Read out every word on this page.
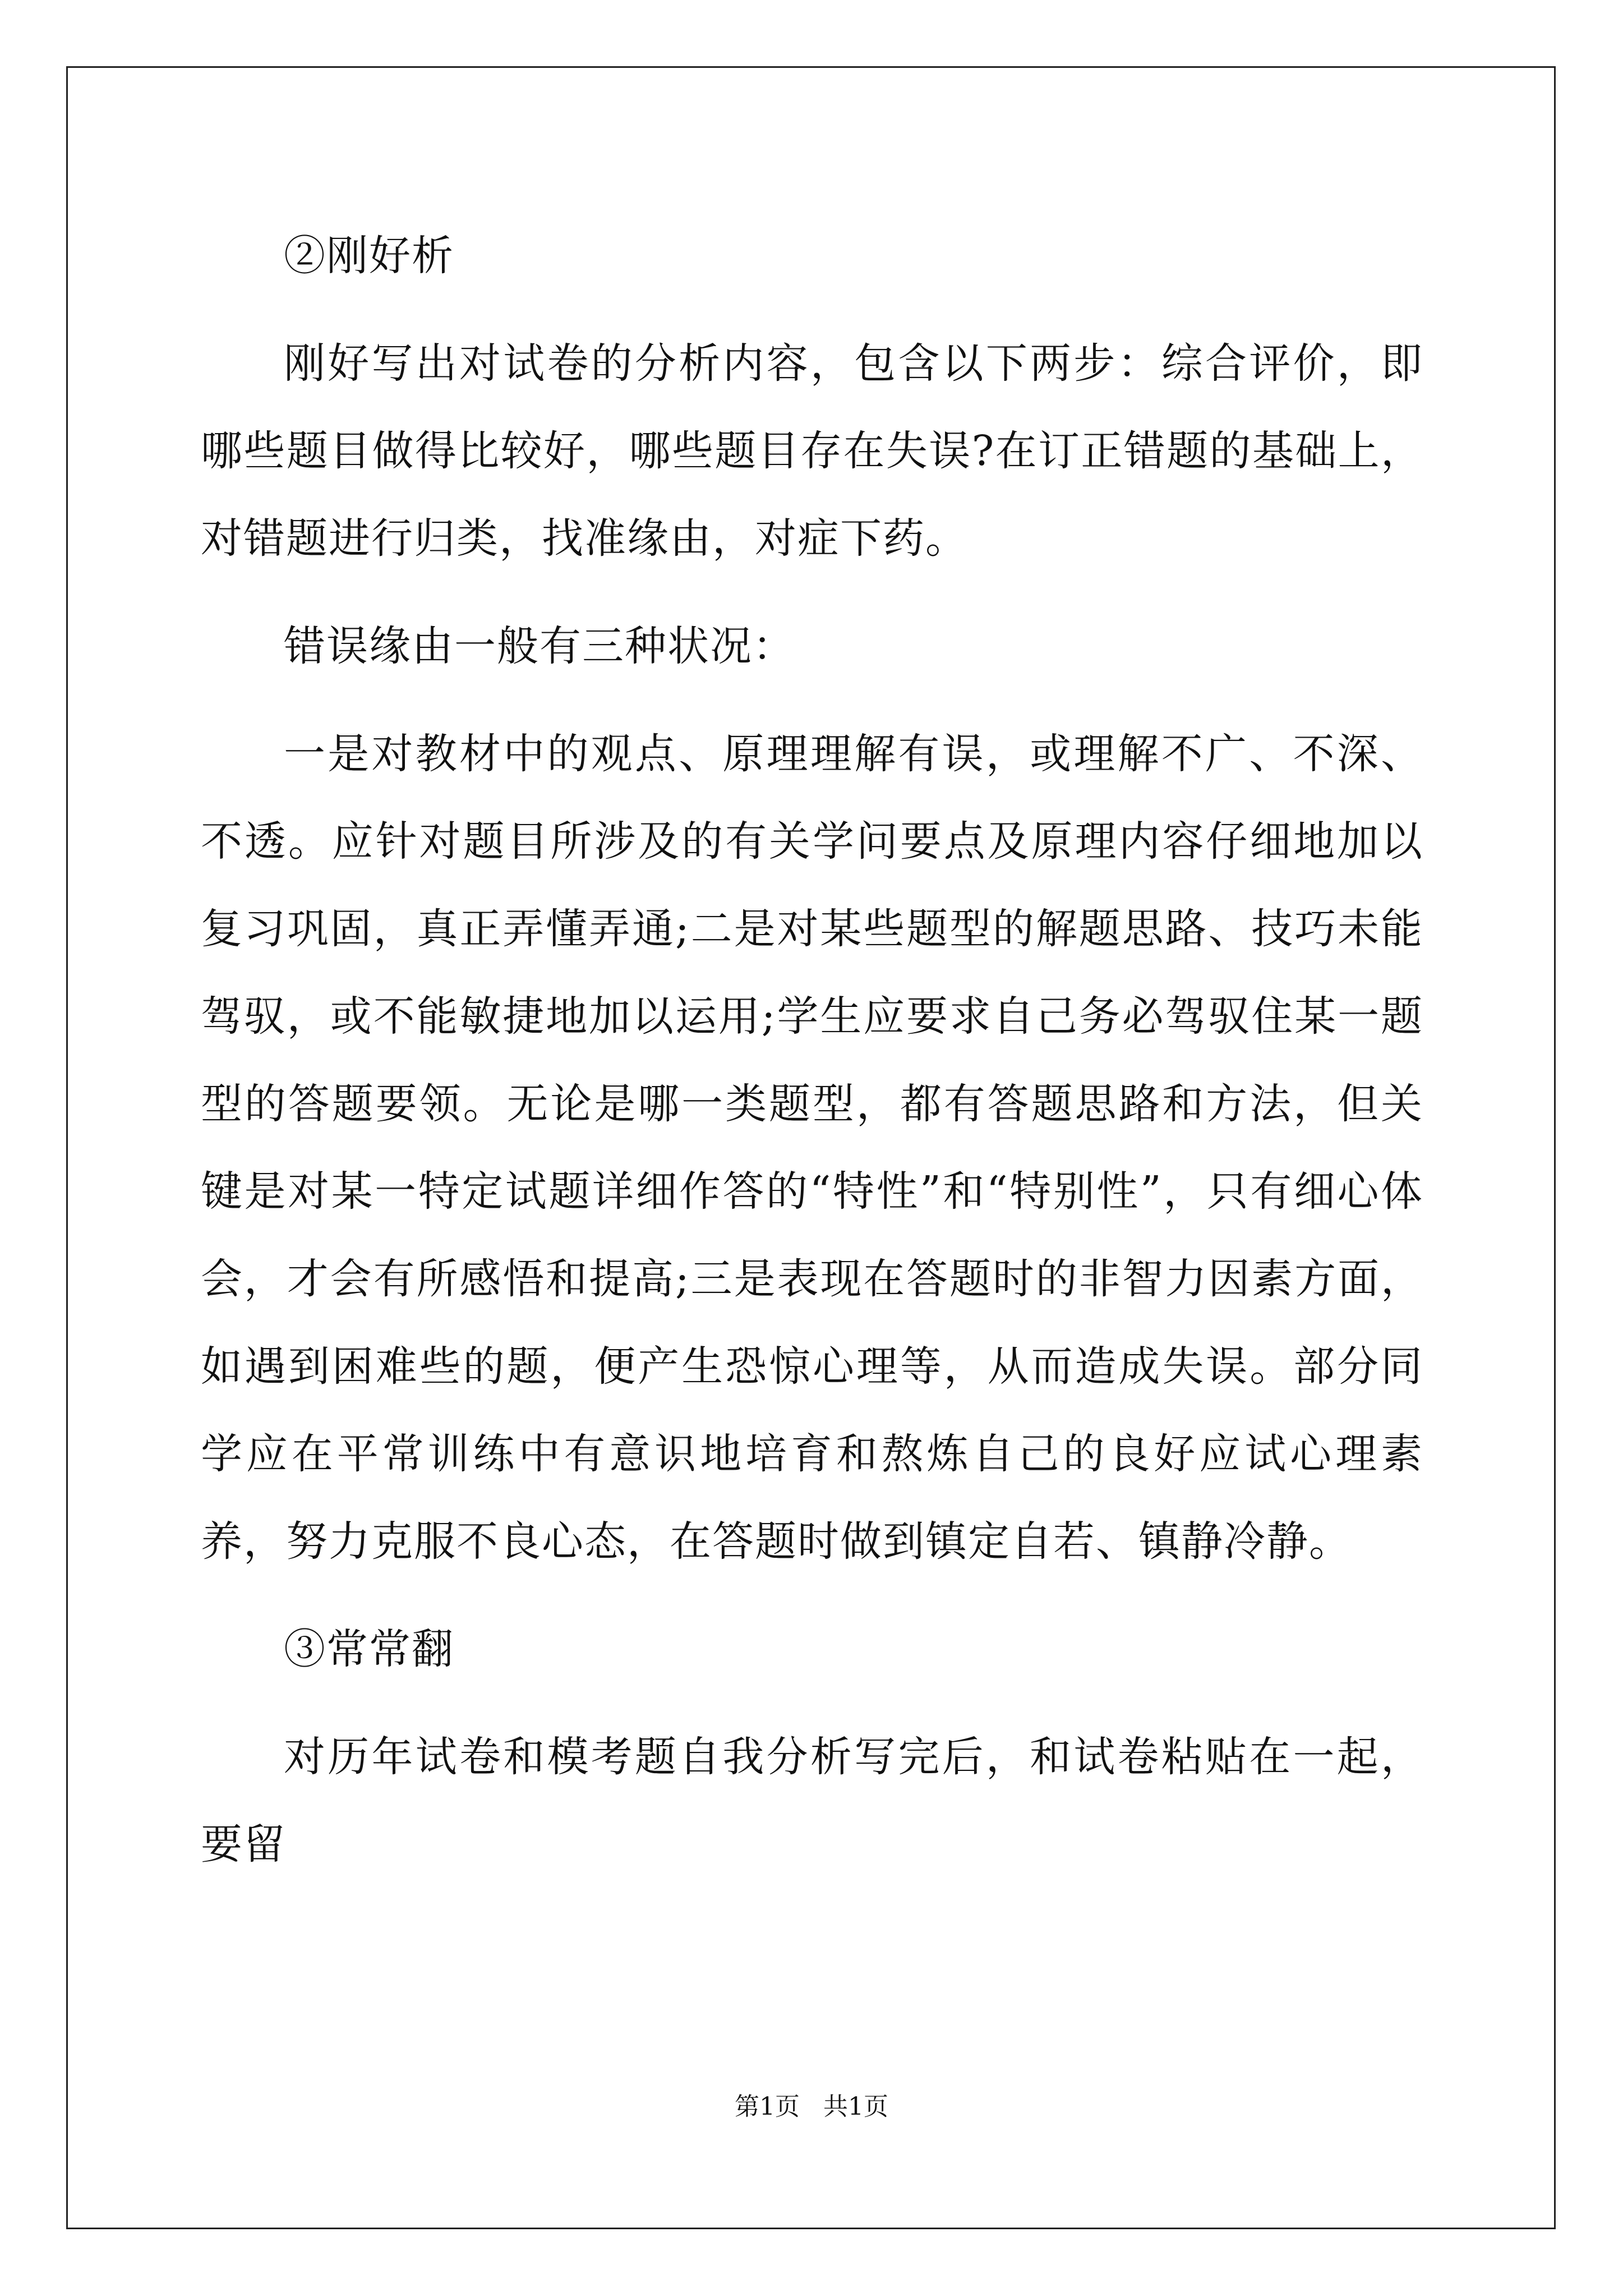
②刚好析

刚好写出对试卷的分析内容，包含以下两步：综合评价，即哪些题目做得比较好，哪些题目存在失误?在订正错题的基础上，对错题进行归类，找准缘由，对症下药。

错误缘由一般有三种状况：

一是对教材中的观点、原理理解有误，或理解不广、不深、不透。应针对题目所涉及的有关学问要点及原理内容仔细地加以复习巩固，真正弄懂弄通;二是对某些题型的解题思路、技巧未能驾驭，或不能敏捷地加以运用;学生应要求自己务必驾驭住某一题型的答题要领。无论是哪一类题型，都有答题思路和方法，但关键是对某一特定试题详细作答的“特性”和“特别性”，只有细心体会，才会有所感悟和提高;三是表现在答题时的非智力因素方面，如遇到困难些的题，便产生恐惊心理等，从而造成失误。部分同学应在平常训练中有意识地培育和熬炼自己的良好应试心理素养，努力克服不良心态，在答题时做到镇定自若、镇静冷静。

③常常翻

对历年试卷和模考题自我分析写完后，和试卷粘贴在一起，要留

第1页 共1页
